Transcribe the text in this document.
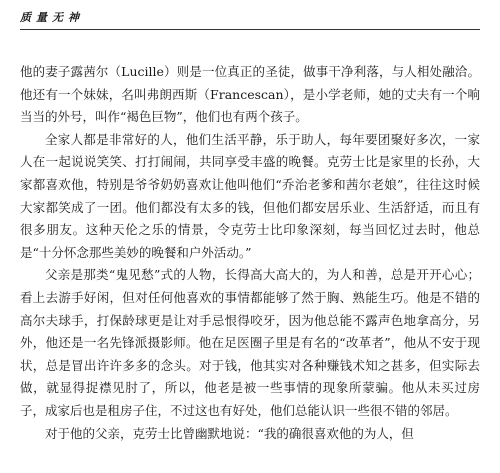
质量无神

他的妻子露茜尔（Lucille）则是一位真正的圣徒，做事干净利落，与人相处融洽。他还有一个妹妹，名叫弗朗西斯（Francescan），是小学老师，她的丈夫有一个响当当的外号，叫作“褐色巨物”，他们也有两个孩子。

全家人都是非常好的人，他们生活平静，乐于助人，每年要团聚好多次，一家人在一起说说笑笑、打打闹闹，共同享受丰盛的晚餐。克劳士比是家里的长孙，大家都喜欢他，特别是爷爷奶奶喜欢让他叫他们“乔治老爹和茜尔老娘”，往往这时候大家都笑成了一团。他们都没有太多的钱，但他们都安居乐业、生活舒适，而且有很多朋友。这种天伦之乐的情景，令克劳士比印象深刻，每当回忆过去时，他总是“十分怀念那些美妙的晚餐和户外活动。”

父亲是那类“鬼见愁”式的人物，长得高大高大的，为人和善，总是开开心心；看上去游手好闲，但对任何他喜欢的事情都能够了然于胸、熟能生巧。他是不错的高尔夫球手，打保龄球更是让对手忌恨得咬牙，因为他总能不露声色地拿高分，另外，他还是一名先锋派摄影师。他在足医圈子里是有名的“改革者”，他从不安于现状，总是冒出许许多多的念头。对于钱，他其实对各种赚钱术知之甚多，但实际去做，就显得捉襟见肘了，所以，他老是被一些事情的现象所蒙骗。他从未买过房子，成家后也是租房子住，不过这也有好处，他们总能认识一些很不错的邻居。

对于他的父亲，克劳士比曾幽默地说：“我的确很喜欢他的为人，但
